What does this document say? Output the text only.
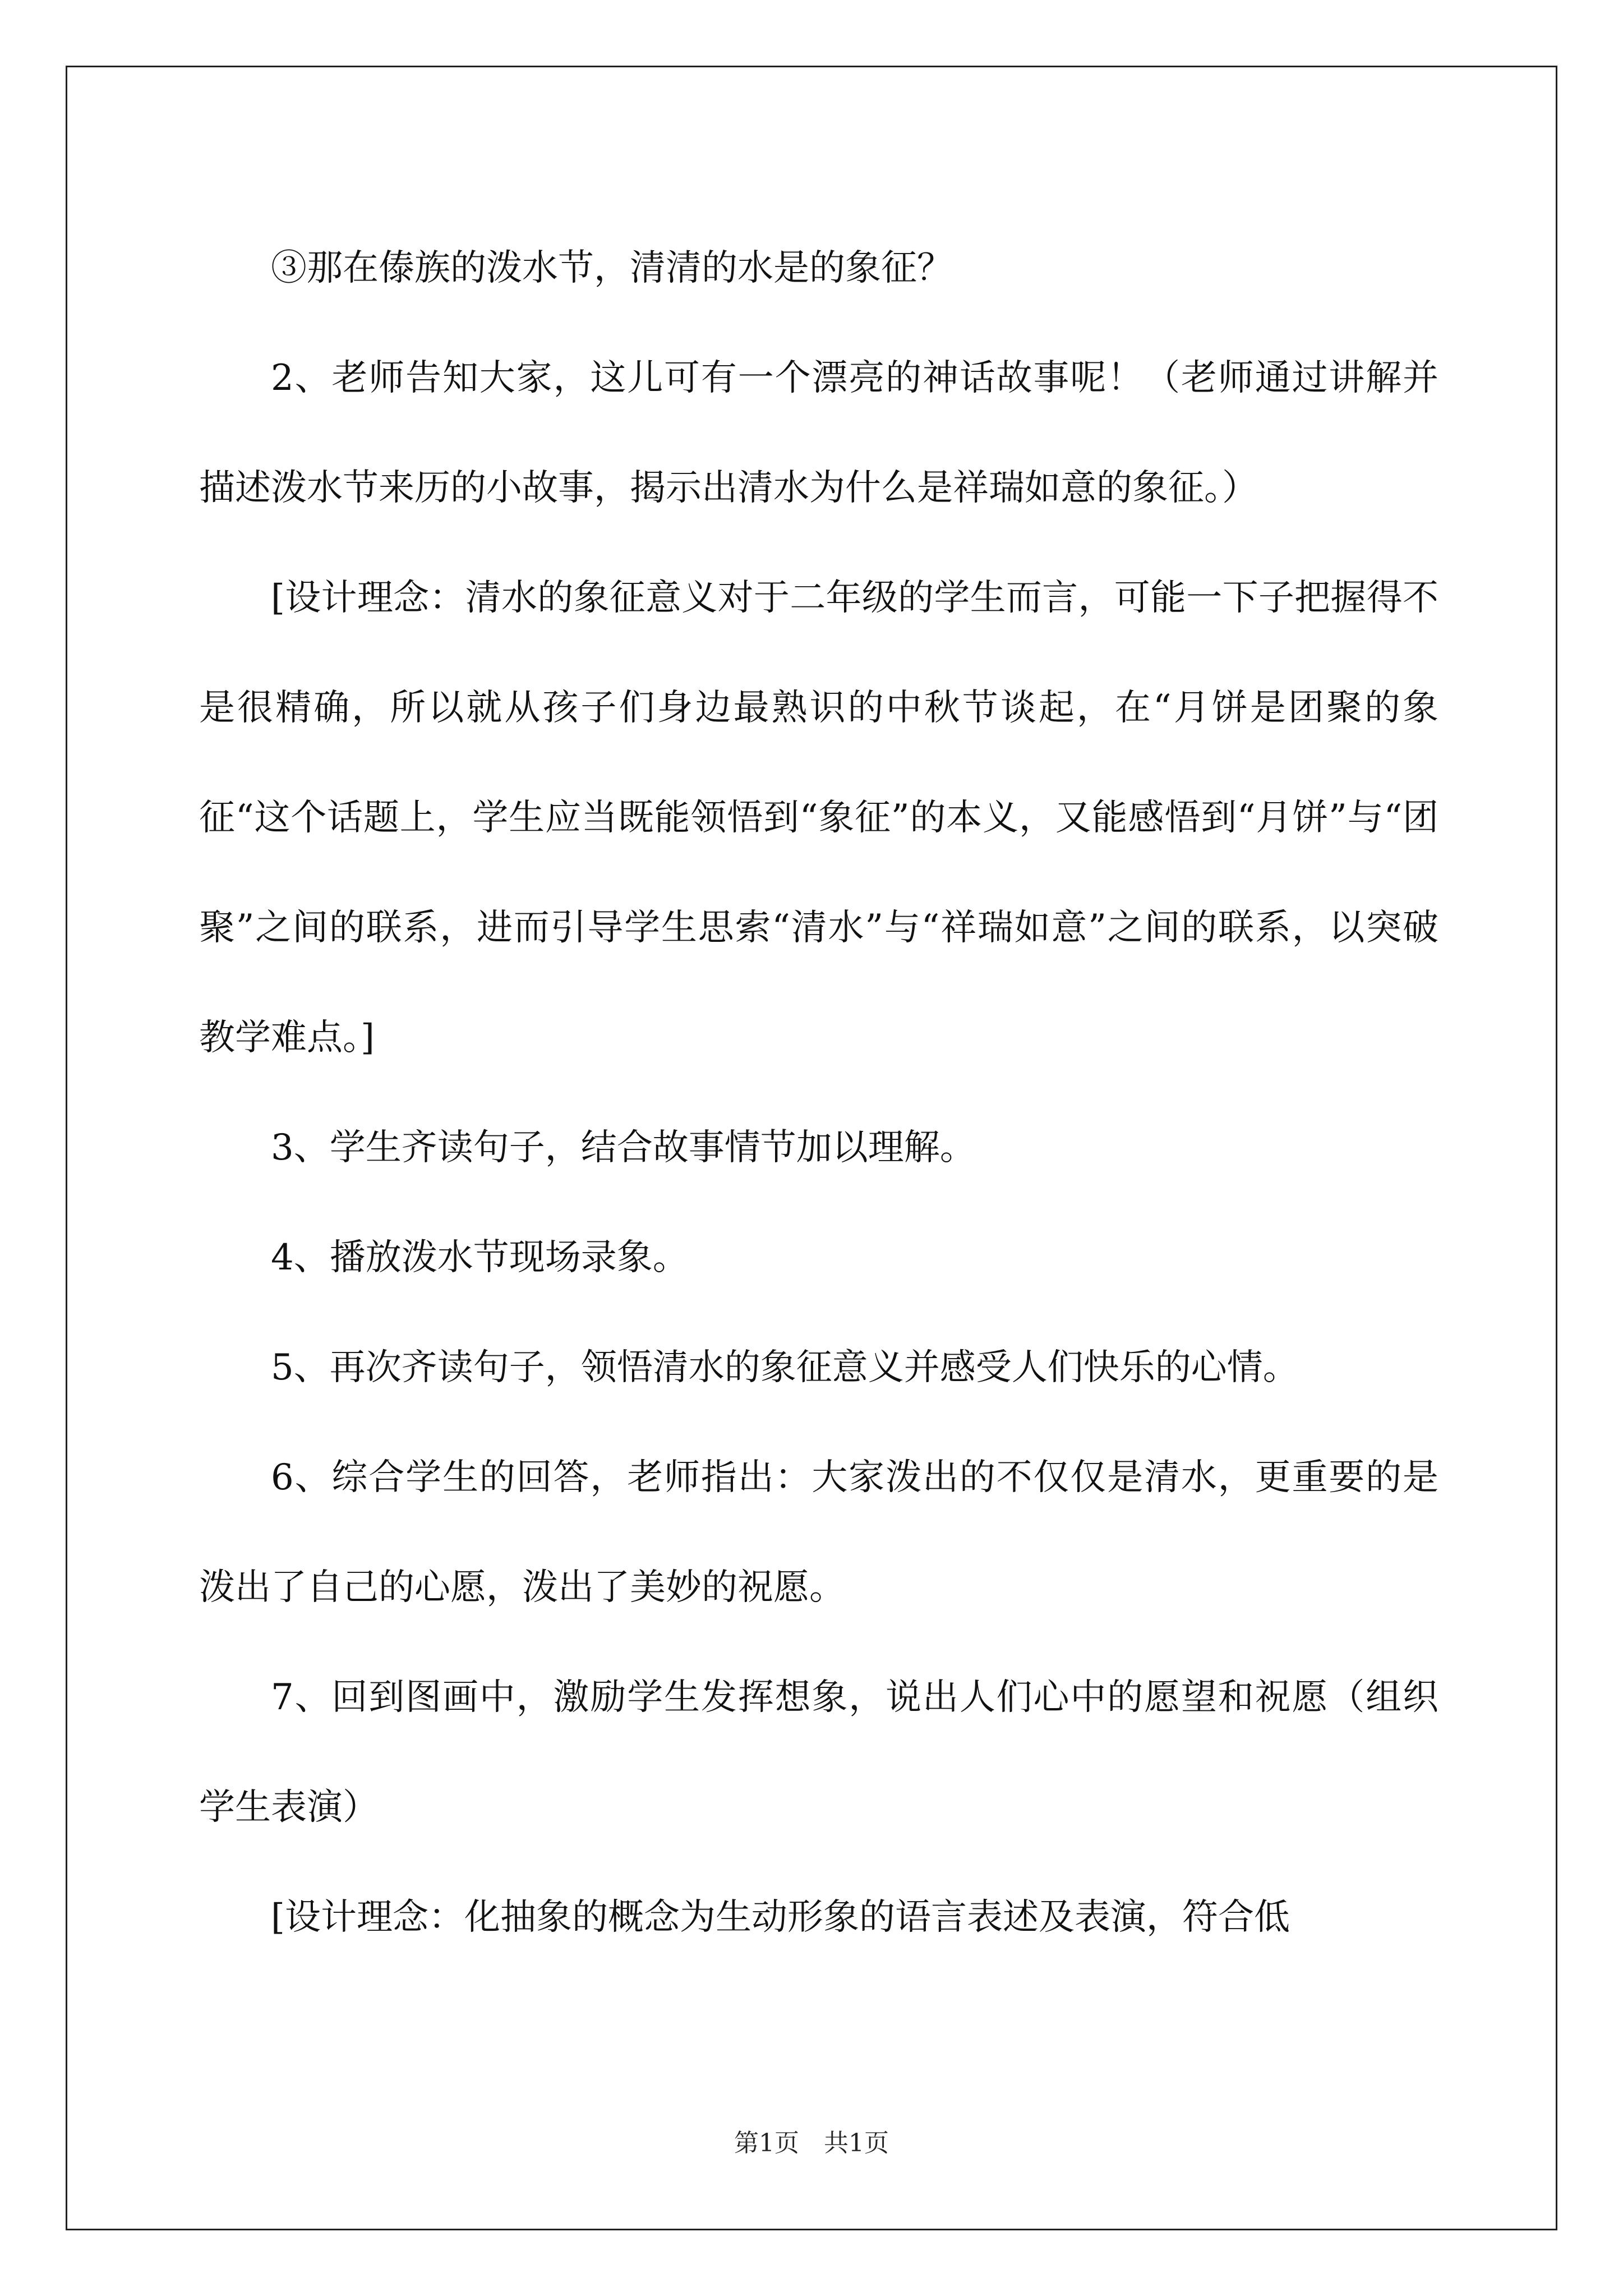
③那在傣族的泼水节，清清的水是的象征？

2、老师告知大家，这儿可有一个漂亮的神话故事呢！（老师通过讲解并描述泼水节来历的小故事，揭示出清水为什么是祥瑞如意的象征。）

[设计理念：清水的象征意义对于二年级的学生而言，可能一下子把握得不是很精确，所以就从孩子们身边最熟识的中秋节谈起，在“月饼是团聚的象征“这个话题上，学生应当既能领悟到“象征”的本义，又能感悟到“月饼”与“团聚”之间的联系，进而引导学生思索“清水”与“祥瑞如意”之间的联系，以突破教学难点。]

3、学生齐读句子，结合故事情节加以理解。

4、播放泼水节现场录象。

5、再次齐读句子，领悟清水的象征意义并感受人们快乐的心情。

6、综合学生的回答，老师指出：大家泼出的不仅仅是清水，更重要的是泼出了自己的心愿，泼出了美妙的祝愿。

7、回到图画中，激励学生发挥想象，说出人们心中的愿望和祝愿（组织学生表演）

[设计理念：化抽象的概念为生动形象的语言表述及表演，符合低

第1页 共1页
